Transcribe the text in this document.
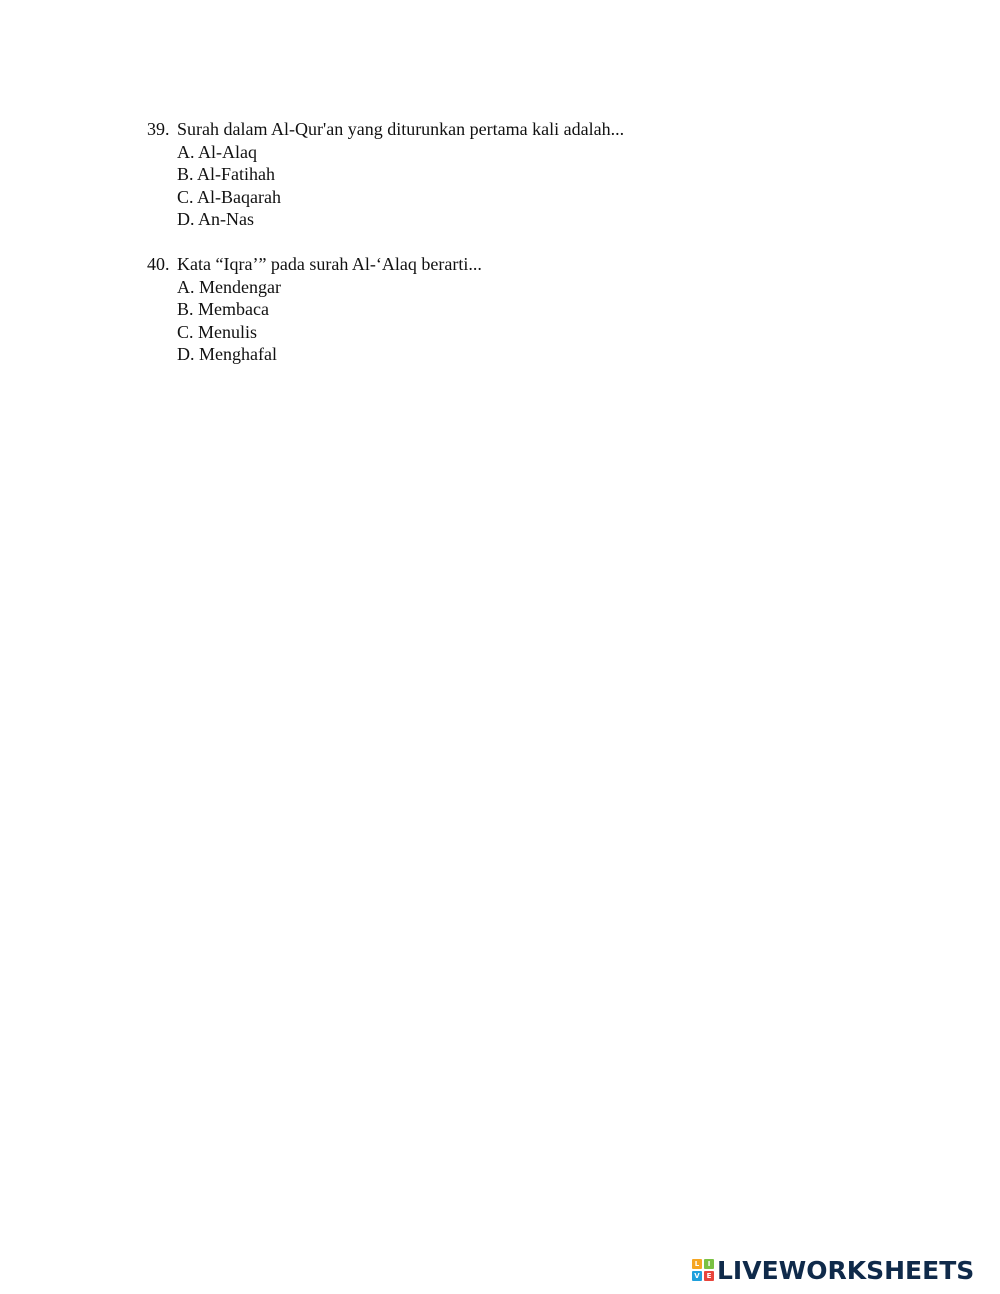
39. Surah dalam Al-Qur'an yang diturunkan pertama kali adalah...
A. Al-Alaq
B. Al-Fatihah
C. Al-Baqarah
D. An-Nas
40. Kata “Iqra’” pada surah Al-‘Alaq berarti...
A. Mendengar
B. Membaca
C. Menulis
D. Menghafal
L	I
V E LIVEWORKSHEETS
